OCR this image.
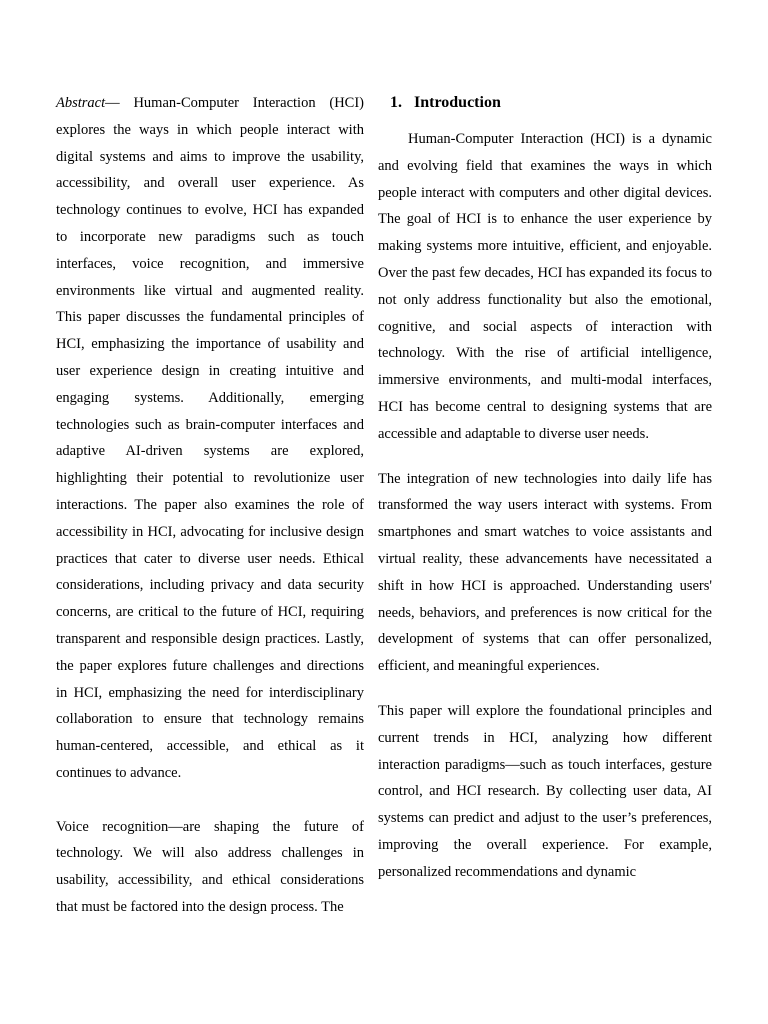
Abstract— Human-Computer Interaction (HCI) explores the ways in which people interact with digital systems and aims to improve the usability, accessibility, and overall user experience. As technology continues to evolve, HCI has expanded to incorporate new paradigms such as touch interfaces, voice recognition, and immersive environments like virtual and augmented reality. This paper discusses the fundamental principles of HCI, emphasizing the importance of usability and user experience design in creating intuitive and engaging systems. Additionally, emerging technologies such as brain-computer interfaces and adaptive AI-driven systems are explored, highlighting their potential to revolutionize user interactions. The paper also examines the role of accessibility in HCI, advocating for inclusive design practices that cater to diverse user needs. Ethical considerations, including privacy and data security concerns, are critical to the future of HCI, requiring transparent and responsible design practices. Lastly, the paper explores future challenges and directions in HCI, emphasizing the need for interdisciplinary collaboration to ensure that technology remains human-centered, accessible, and ethical as it continues to advance.

Voice recognition—are shaping the future of technology. We will also address challenges in usability, accessibility, and ethical considerations that must be factored into the design process. The

1. Introduction

Human-Computer Interaction (HCI) is a dynamic and evolving field that examines the ways in which people interact with computers and other digital devices. The goal of HCI is to enhance the user experience by making systems more intuitive, efficient, and enjoyable. Over the past few decades, HCI has expanded its focus to not only address functionality but also the emotional, cognitive, and social aspects of interaction with technology. With the rise of artificial intelligence, immersive environments, and multi-modal interfaces, HCI has become central to designing systems that are accessible and adaptable to diverse user needs.

The integration of new technologies into daily life has transformed the way users interact with systems. From smartphones and smart watches to voice assistants and virtual reality, these advancements have necessitated a shift in how HCI is approached. Understanding users' needs, behaviors, and preferences is now critical for the development of systems that can offer personalized, efficient, and meaningful experiences.

This paper will explore the foundational principles and current trends in HCI, analyzing how different interaction paradigms—such as touch interfaces, gesture control, and HCI research. By collecting user data, AI systems can predict and adjust to the user’s preferences, improving the overall experience. For example, personalized recommendations and dynamic
